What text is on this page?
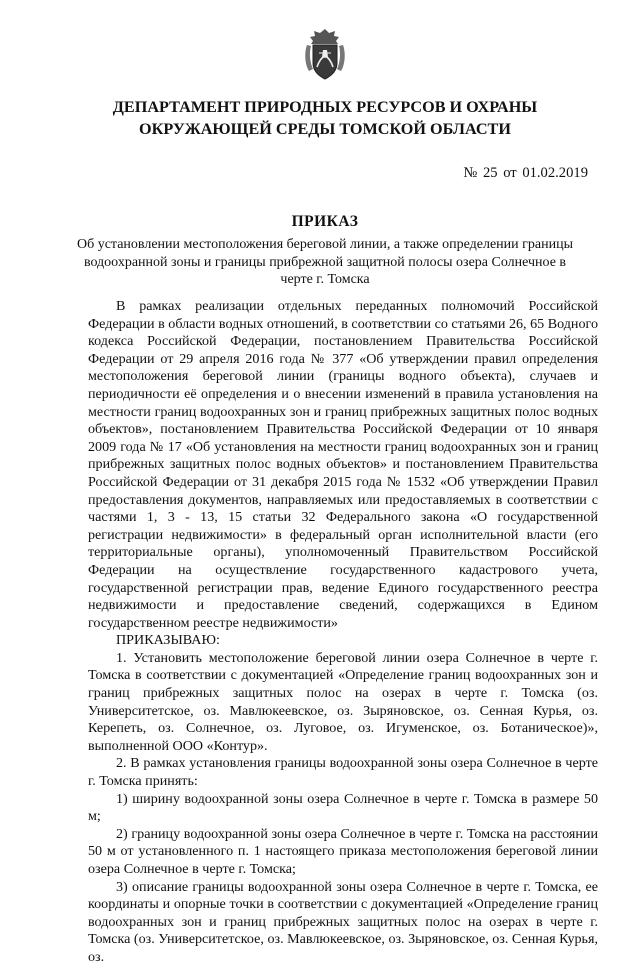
ДЕПАРТАМЕНТ ПРИРОДНЫХ РЕСУРСОВ И ОХРАНЫ
ОКРУЖАЮЩЕЙ СРЕДЫ ТОМСКОЙ ОБЛАСТИ
№ 25 от 01.02.2019
ПРИКАЗ
Об установлении местоположения береговой линии, а также определении границы водоохранной зоны и границы прибрежной защитной полосы озера Солнечное в черте г. Томска

В рамках реализации отдельных переданных полномочий Российской Федерации в области водных отношений, в соответствии со статьями 26, 65 Водного кодекса Российской Федерации, постановлением Правительства Российской Федерации от 29 апреля 2016 года № 377 «Об утверждении правил определения местоположения береговой линии (границы водного объекта), случаев и периодичности её определения и о внесении изменений в правила установления на местности границ водоохранных зон и границ прибрежных защитных полос водных объектов», постановлением Правительства Российской Федерации от 10 января 2009 года № 17 «Об установления на местности границ водоохранных зон и границ прибрежных защитных полос водных объектов» и постановлением Правительства Российской Федерации от 31 декабря 2015 года № 1532 «Об утверждении Правил предоставления документов, направляемых или предоставляемых в соответствии с частями 1, 3 - 13, 15 статьи 32 Федерального закона «О государственной регистрации недвижимости» в федеральный орган исполнительной власти (его территориальные органы), уполномоченный Правительством Российской Федерации на осуществление государственного кадастрового учета, государственной регистрации прав, ведение Единого государственного реестра недвижимости и предоставление сведений, содержащихся в Едином государственном реестре недвижимости»

ПРИКАЗЫВАЮ:

1. Установить местоположение береговой линии озера Солнечное в черте г. Томска в соответствии с документацией «Определение границ водоохранных зон и границ прибрежных защитных полос на озерах в черте г. Томска (оз. Университетское, оз. Мавлюкеевское, оз. Зыряновское, оз. Сенная Курья, оз. Керепеть, оз. Солнечное, оз. Луговое, оз. Игуменское, оз. Ботаническое)», выполненной ООО «Контур».

2. В рамках установления границы водоохранной зоны озера Солнечное в черте г. Томска принять:

1) ширину водоохранной зоны озера Солнечное в черте г. Томска в размере 50 м;

2) границу водоохранной зоны озера Солнечное в черте г. Томска на расстоянии 50 м от установленного п. 1 настоящего приказа местоположения береговой линии озера Солнечное в черте г. Томска;

3) описание границы водоохранной зоны озера Солнечное в черте г. Томска, ее координаты и опорные точки в соответствии с документацией «Определение границ водоохранных зон и границ прибрежных защитных полос на озерах в черте г. Томска (оз. Университетское, оз. Мавлюкеевское, оз. Зыряновское, оз. Сенная Курья, оз.
